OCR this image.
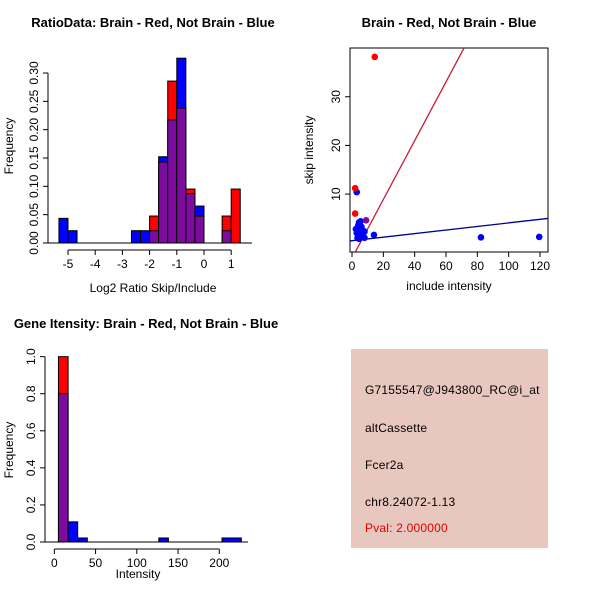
-5 -4 -3 -2 -1 0 1
0.00
0.05
0.10
0.15
0.20
0.25
0.30
RatioData: Brain - Red, Not Brain - Blue
Log2 Ratio Skip/Include
Frequency
0 20 40 60 80 100 120
10
20
30
Brain - Red, Not Brain - Blue
include intensity
skip intensity
0	50 100 150 200
0.0
0.2
0.4
0.6
0.8
1.0
Gene Itensity: Brain - Red, Not Brain - Blue
Intensity
Frequency
G7155547@J943800_RC@i_at
altCassette
Fcer2a
chr8.24072-1.13
Pval: 2.000000
